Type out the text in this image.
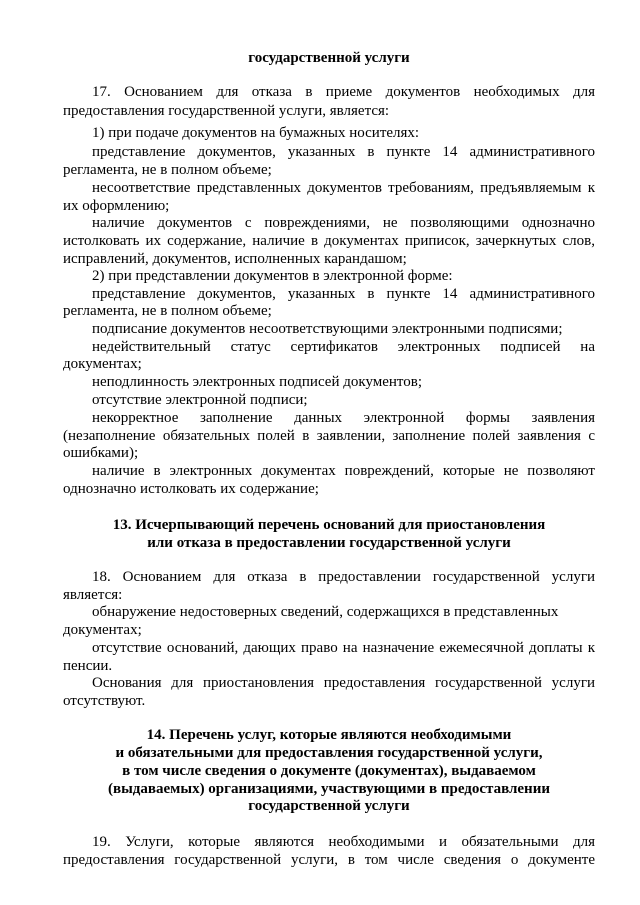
государственной услуги
17. Основанием для отказа в приеме документов необходимых для
предоставления государственной услуги, является:
1) при подаче документов на бумажных носителях:
представление документов, указанных в пункте 14 административного
регламента, не в полном объеме;
несоответствие представленных документов требованиям, предъявляемым к
их оформлению;
наличие документов с повреждениями, не позволяющими однозначно
истолковать их содержание, наличие в документах приписок, зачеркнутых слов,
исправлений, документов, исполненных карандашом;
2) при представлении документов в электронной форме:
представление документов, указанных в пункте 14 административного
регламента, не в полном объеме;
подписание документов несоответствующими электронными подписями;
недействительный статус сертификатов электронных подписей на
документах;
неподлинность электронных подписей документов;
отсутствие электронной подписи;
некорректное заполнение данных электронной формы заявления
(незаполнение обязательных полей в заявлении, заполнение полей заявления с
ошибками);
наличие в электронных документах повреждений, которые не позволяют
однозначно истолковать их содержание;
13. Исчерпывающий перечень оснований для приостановления
или отказа в предоставлении государственной услуги
18. Основанием для отказа в предоставлении государственной услуги
является:
обнаружение недостоверных сведений, содержащихся в представленных
документах;
отсутствие оснований, дающих право на назначение ежемесячной доплаты к
пенсии.
Основания для приостановления предоставления государственной услуги
отсутствуют.
14. Перечень услуг, которые являются необходимыми
и обязательными для предоставления государственной услуги,
в том числе сведения о документе (документах), выдаваемом
(выдаваемых) организациями, участвующими в предоставлении
государственной услуги
19. Услуги, которые являются необходимыми и обязательными для
предоставления государственной услуги, в том числе сведения о документе
